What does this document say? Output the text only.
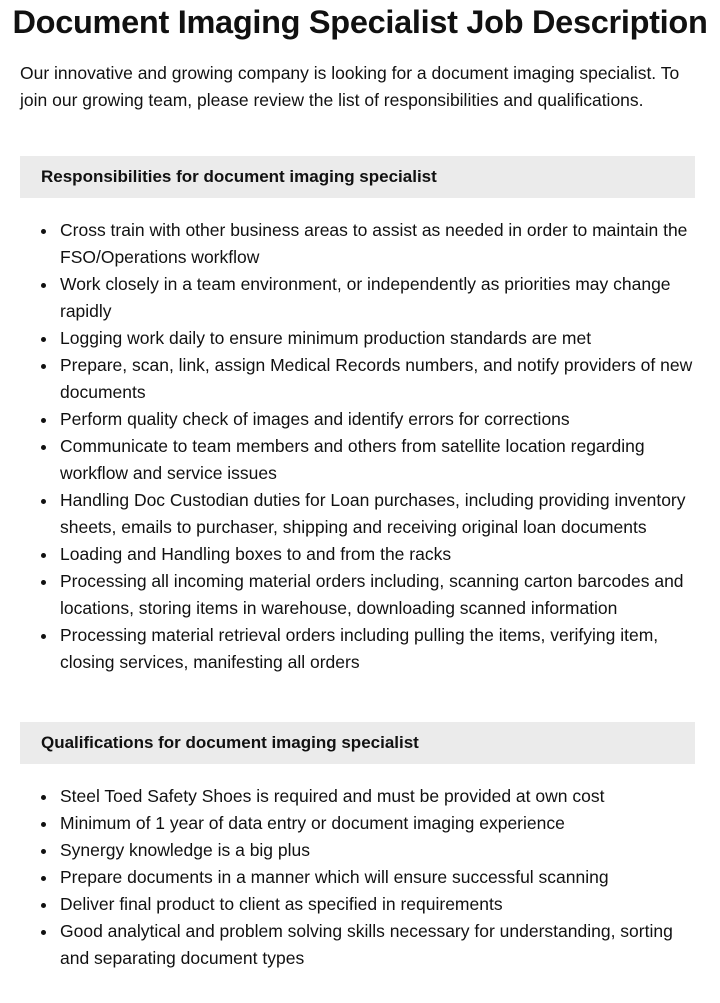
Document Imaging Specialist Job Description

Our innovative and growing company is looking for a document imaging specialist. To join our growing team, please review the list of responsibilities and qualifications.

Responsibilities for document imaging specialist
Cross train with other business areas to assist as needed in order to maintain the FSO/Operations workflow
Work closely in a team environment, or independently as priorities may change rapidly
Logging work daily to ensure minimum production standards are met
Prepare, scan, link, assign Medical Records numbers, and notify providers of new documents
Perform quality check of images and identify errors for corrections
Communicate to team members and others from satellite location regarding workflow and service issues
Handling Doc Custodian duties for Loan purchases, including providing inventory sheets, emails to purchaser, shipping and receiving original loan documents
Loading and Handling boxes to and from the racks
Processing all incoming material orders including, scanning carton barcodes and locations, storing items in warehouse, downloading scanned information
Processing material retrieval orders including pulling the items, verifying item, closing services, manifesting all orders
Qualifications for document imaging specialist
Steel Toed Safety Shoes is required and must be provided at own cost
Minimum of 1 year of data entry or document imaging experience
Synergy knowledge is a big plus
Prepare documents in a manner which will ensure successful scanning
Deliver final product to client as specified in requirements
Good analytical and problem solving skills necessary for understanding, sorting and separating document types
